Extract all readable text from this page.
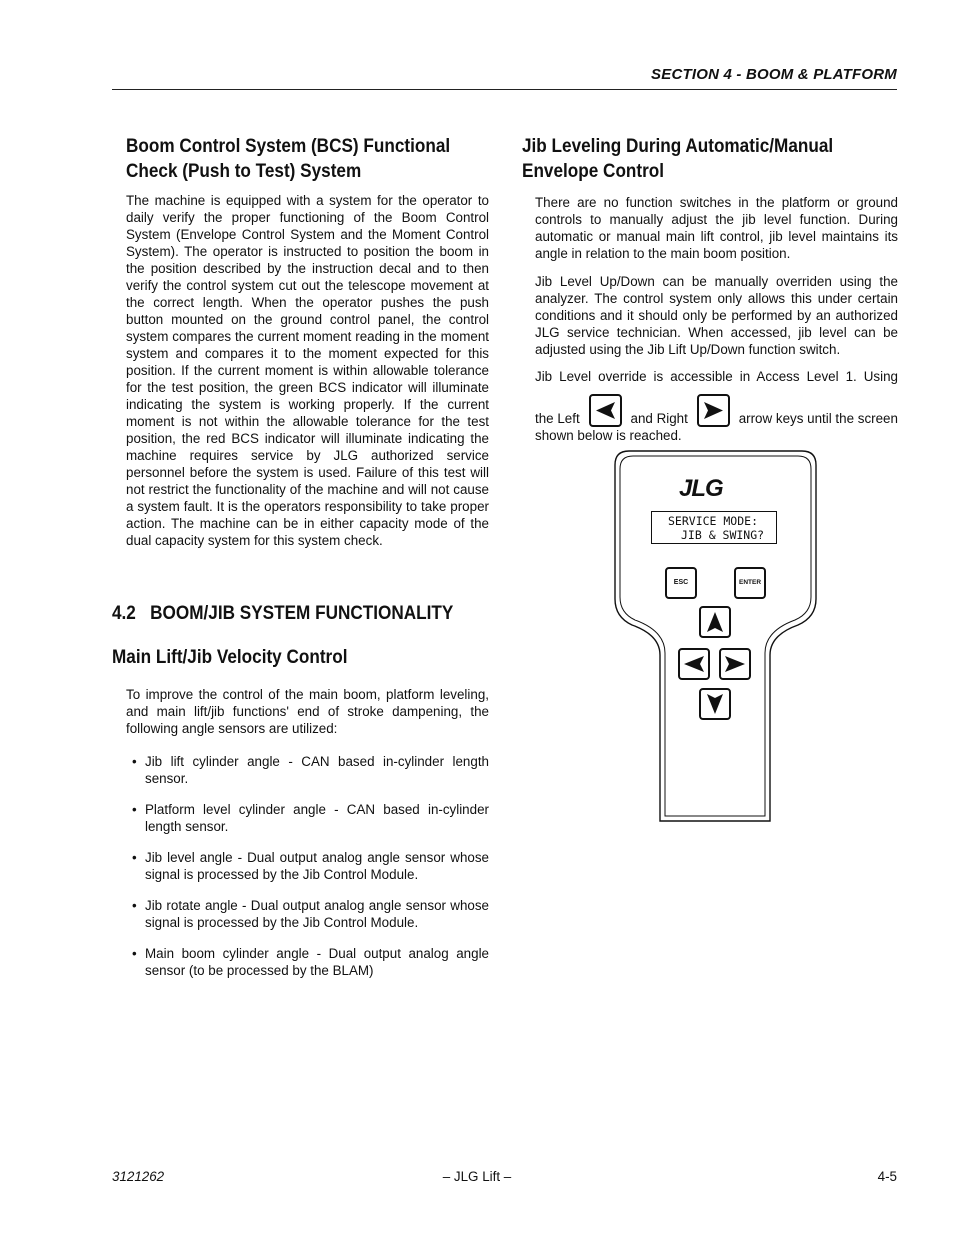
SECTION 4 - BOOM & PLATFORM
Boom Control System (BCS) Functional
Check (Push to Test) System

The machine is equipped with a system for the operator to daily verify the proper functioning of the Boom Control System (Envelope Control System and the Moment Control System). The operator is instructed to position the boom in the position described by the instruction decal and to then verify the control system cut out the telescope movement at the correct length. When the operator pushes the push button mounted on the ground control panel, the control system compares the current moment reading in the moment system and compares it to the moment expected for this position. If the current moment is within allowable tolerance for the test position, the green BCS indicator will illuminate indicating the system is working properly. If the current moment is not within the allowable tolerance for the test position, the red BCS indicator will illuminate indicating the machine requires service by JLG authorized service personnel before the system is used. Failure of this test will not restrict the functionality of the machine and will not cause a system fault. It is the operators responsibility to take proper action. The machine can be in either capacity mode of the dual capacity system for this system check.

4.2   BOOM/JIB SYSTEM FUNCTIONALITY
Main Lift/Jib Velocity Control

To improve the control of the main boom, platform leveling, and main lift/jib functions' end of stroke dampening, the following angle sensors are utilized:

• Jib lift cylinder angle - CAN based in-cylinder length sensor.
• Platform level cylinder angle - CAN based in-cylinder length sensor.
• Jib level angle - Dual output analog angle sensor whose signal is processed by the Jib Control Module.
• Jib rotate angle - Dual output analog angle sensor whose signal is processed by the Jib Control Module.
• Main boom cylinder angle - Dual output analog angle sensor (to be processed by the BLAM)
Jib Leveling During Automatic/Manual
Envelope Control

There are no function switches in the platform or ground controls to manually adjust the jib level function. During automatic or manual main lift control, jib level maintains its angle in relation to the main boom position.

Jib Level Up/Down can be manually overriden using the analyzer. The control system only allows this under certain conditions and it should only be performed by an authorized JLG service technician. When accessed, jib level can be adjusted using the Jib Lift Up/Down function switch.

Jib Level override is accessible in Access Level 1. Using
the Left	and Right	arrow keys until the screen
shown below is reached.
JLG
SERVICE MODE:
JIB & SWING?
ESC	ENTER
3121262	– JLG Lift –	4-5
